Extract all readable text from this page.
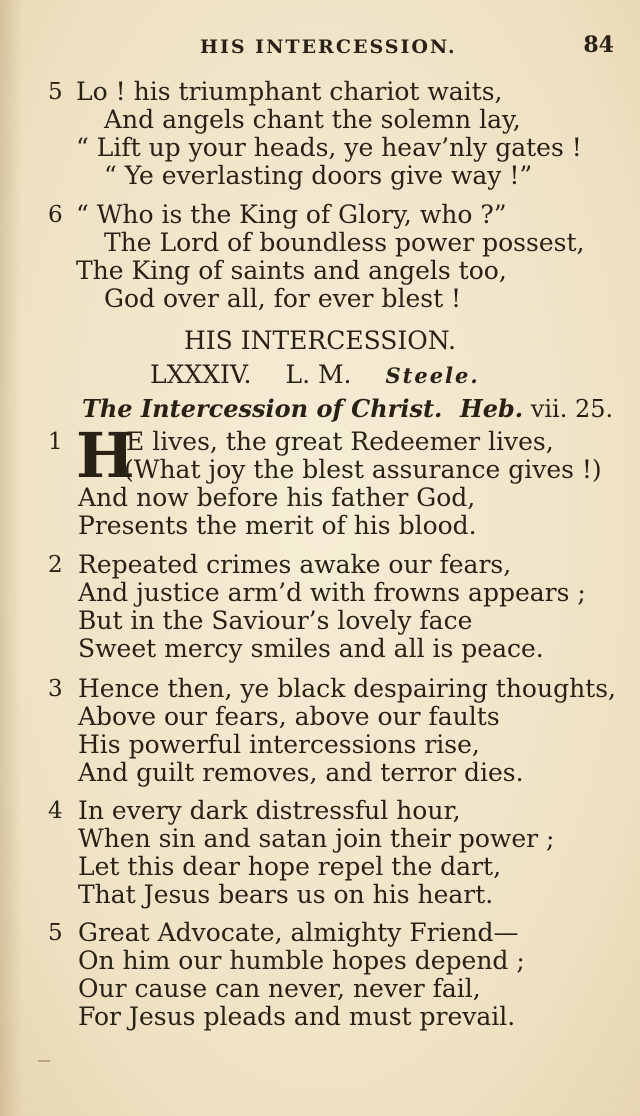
HIS INTERCESSION.	84
5 Lo ! his triumphant chariot waits,
And angels chant the solemn lay,
“ Lift up your heads, ye heav’nly gates !
“ Ye everlasting doors give way !”
6 “ Who is the King of Glory, who ?”
The Lord of boundless power possest,
The King of saints and angels too,
God over all, for ever blest !
HIS INTERCESSION.
LXXXIV. L. M. Steele.
The Intercession of Christ. Heb. vii. 25.
1 H
E lives, the great Redeemer lives,
(What joy the blest assurance gives !)
And now before his father God,
Presents the merit of his blood.
2 Repeated crimes awake our fears,
And justice arm’d with frowns appears ;
But in the Saviour’s lovely face
Sweet mercy smiles and all is peace.
3 Hence then, ye black despairing thoughts,
Above our fears, above our faults
His powerful intercessions rise,
And guilt removes, and terror dies.
4 In every dark distressful hour,
When sin and satan join their power ;
Let this dear hope repel the dart,
That Jesus bears us on his heart.
5 Great Advocate, almighty Friend—
On him our humble hopes depend ;
Our cause can never, never fail,
For Jesus pleads and must prevail.
